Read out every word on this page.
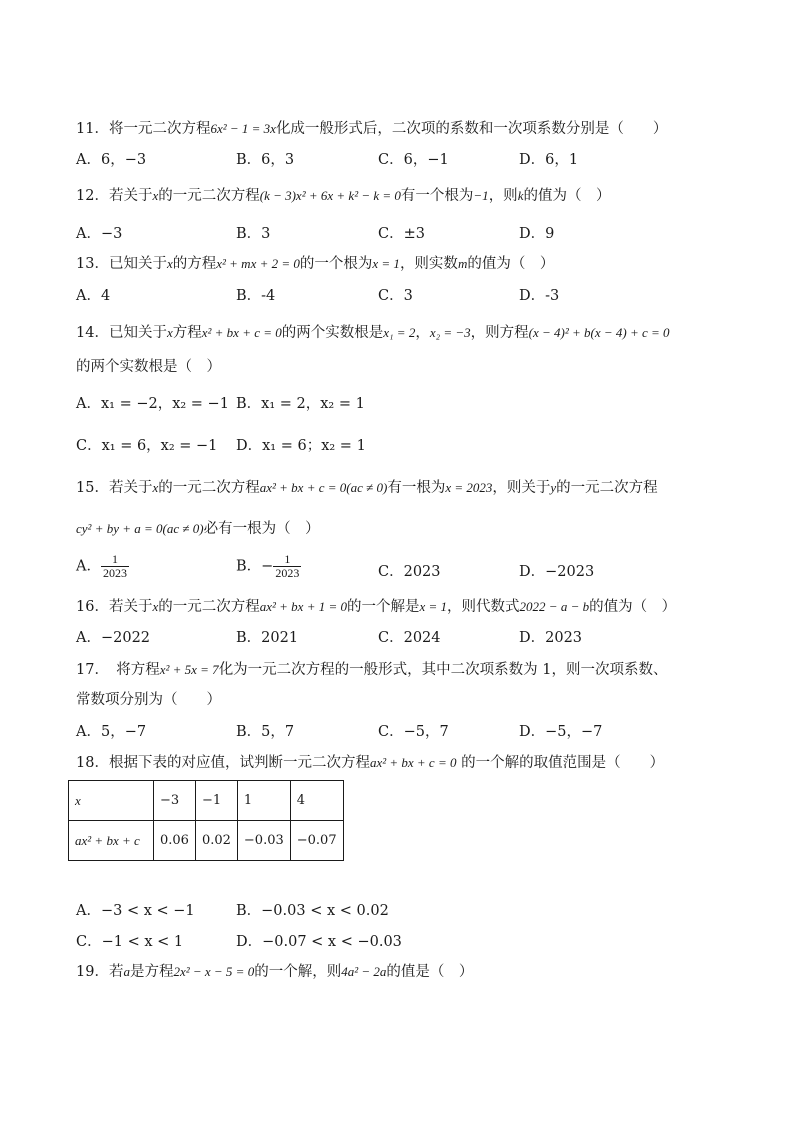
11．将一元二次方程6x² − 1 = 3x化成一般形式后，二次项的系数和一次项系数分别是（　　）
A．6，−3	B．6，3	C．6，−1	D．6，1
12．若关于x的一元二次方程(k − 3)x² + 6x + k² − k = 0有一个根为−1，则k的值为（　）
A．−3	B．3	C．±3	D．9
13．已知关于x的方程x² + mx + 2 = 0的一个根为x = 1，则实数m的值为（　）
A．4	B．-4	C．3	D．-3
14．已知关于x方程x² + bx + c = 0的两个实数根是x₁ = 2，x₂ = −3，则方程(x − 4)² + b(x − 4) + c = 0
的两个实数根是（　）
A．x₁ = −2，x₂ = −1 B．x₁ = 2，x₂ = 1
C．x₁ = 6，x₂ = −1 D．x₁ = 6；x₂ = 1
15．若关于x的一元二次方程ax² + bx + c = 0(ac ≠ 0)有一根为x = 2023，则关于y的一元二次方程
cy² + by + a = 0(ac ≠ 0)必有一根为（　）
A． $\frac{1}{2023}$	B．− $\frac{1}{2023}$	C．2023	D．−2023
16．若关于x的一元二次方程ax² + bx + 1 = 0的一个解是x = 1，则代数式2022 − a − b的值为（　）
A．−2022	B．2021	C．2024	D．2023
17．　将方程x² + 5x = 7化为一元二次方程的一般形式，其中二次项系数为 1，则一次项系数、
常数项分别为（　　）
A．5，−7	B．5，7	C．−5，7	D．−5，−7
18．根据下表的对应值，试判断一元二次方程ax² + bx + c = 0 的一个解的取值范围是（　　）
x	−3	−1	1	4
ax² + bx + c	0.06	0.02	−0.03	−0.07
A．−3 < x < −1	B．−0.03 < x < 0.02
C．−1 < x < 1	D．−0.07 < x < −0.03
19．若a是方程2x² − x − 5 = 0的一个解，则4a² − 2a的值是（　）
